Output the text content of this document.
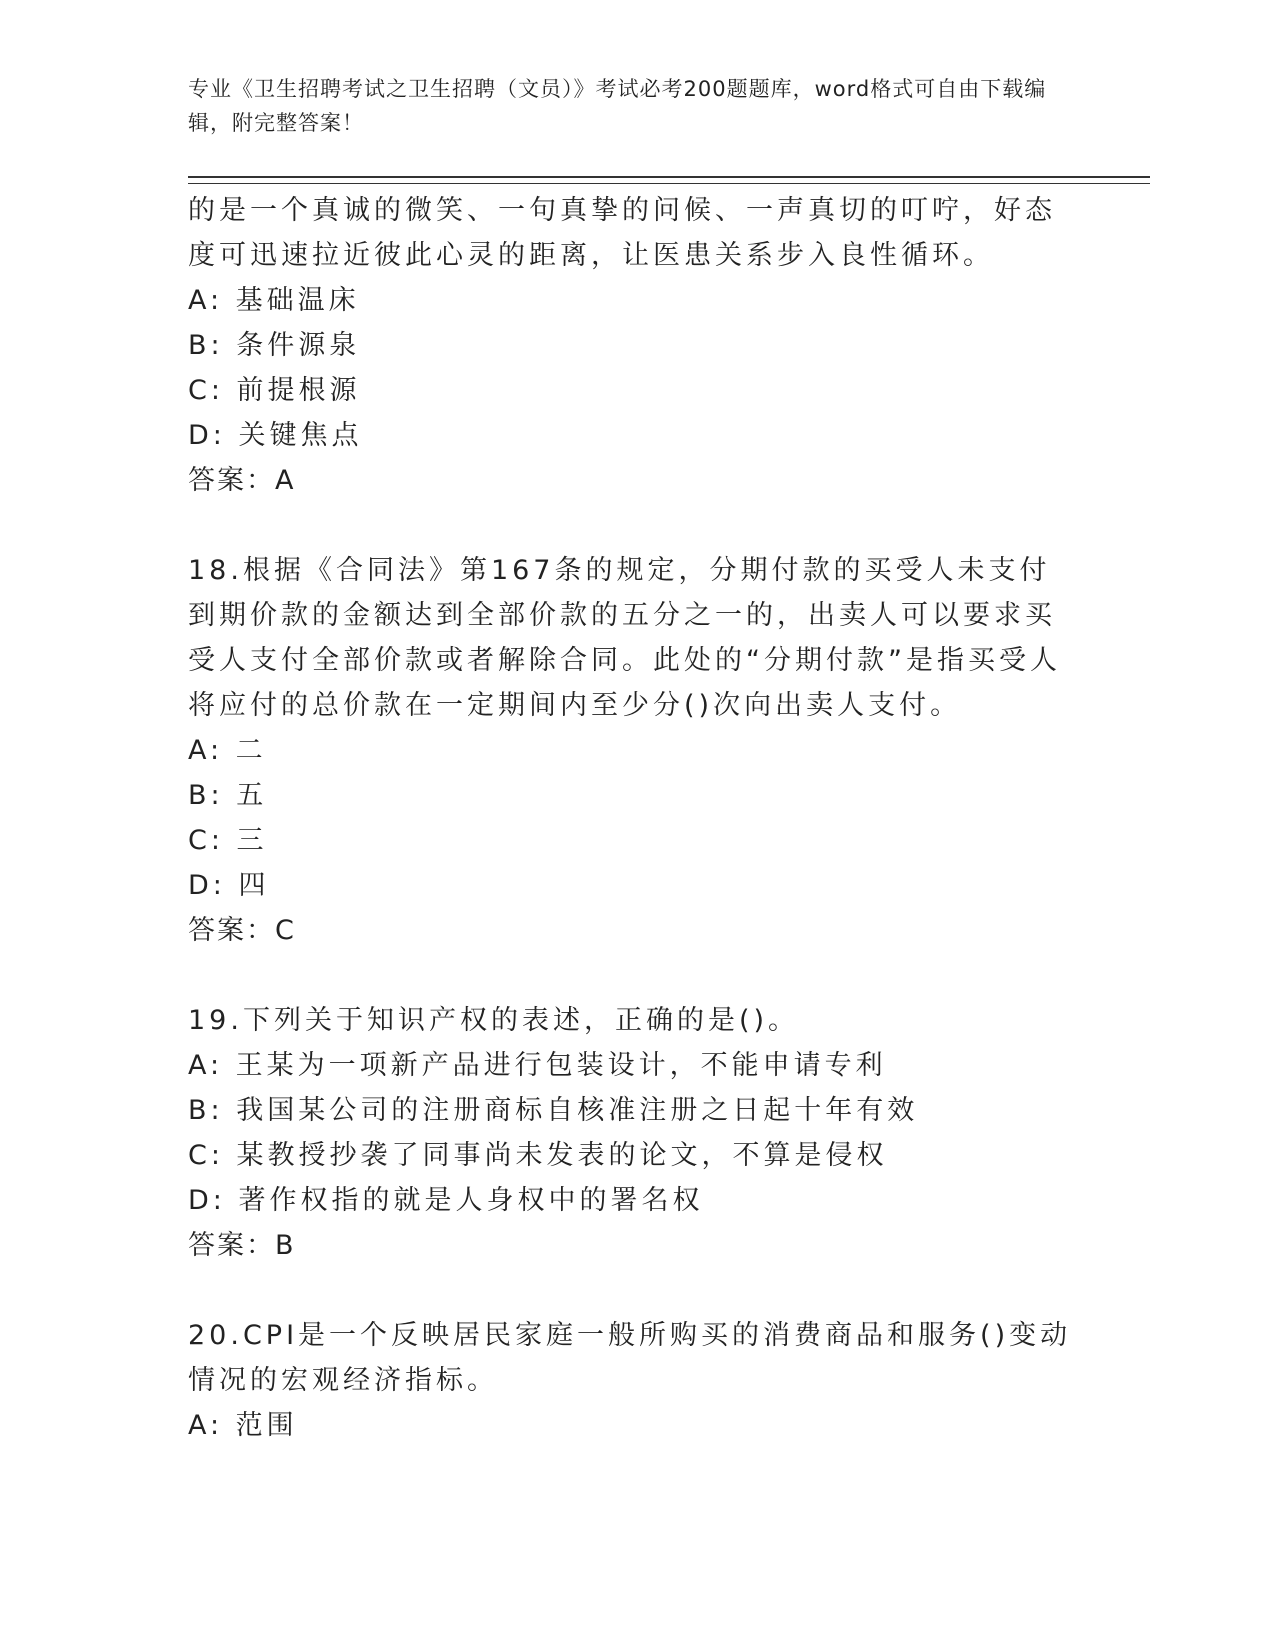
专业《卫生招聘考试之卫生招聘（文员）》考试必考200题题库，word格式可自由下载编辑，附完整答案！
的是一个真诚的微笑、一句真挚的问候、一声真切的叮咛，好态度可迅速拉近彼此心灵的距离，让医患关系步入良性循环。
A: 基础温床
B: 条件源泉
C: 前提根源
D: 关键焦点
答案：A
18.根据《合同法》第167条的规定，分期付款的买受人未支付到期价款的金额达到全部价款的五分之一的，出卖人可以要求买受人支付全部价款或者解除合同。此处的“分期付款”是指买受人将应付的总价款在一定期间内至少分()次向出卖人支付。
A: 二
B: 五
C: 三
D: 四
答案：C
19.下列关于知识产权的表述，正确的是()。
A: 王某为一项新产品进行包装设计，不能申请专利
B: 我国某公司的注册商标自核准注册之日起十年有效
C: 某教授抄袭了同事尚未发表的论文，不算是侵权
D: 著作权指的就是人身权中的署名权
答案：B
20.CPI是一个反映居民家庭一般所购买的消费商品和服务()变动情况的宏观经济指标。
A: 范围
